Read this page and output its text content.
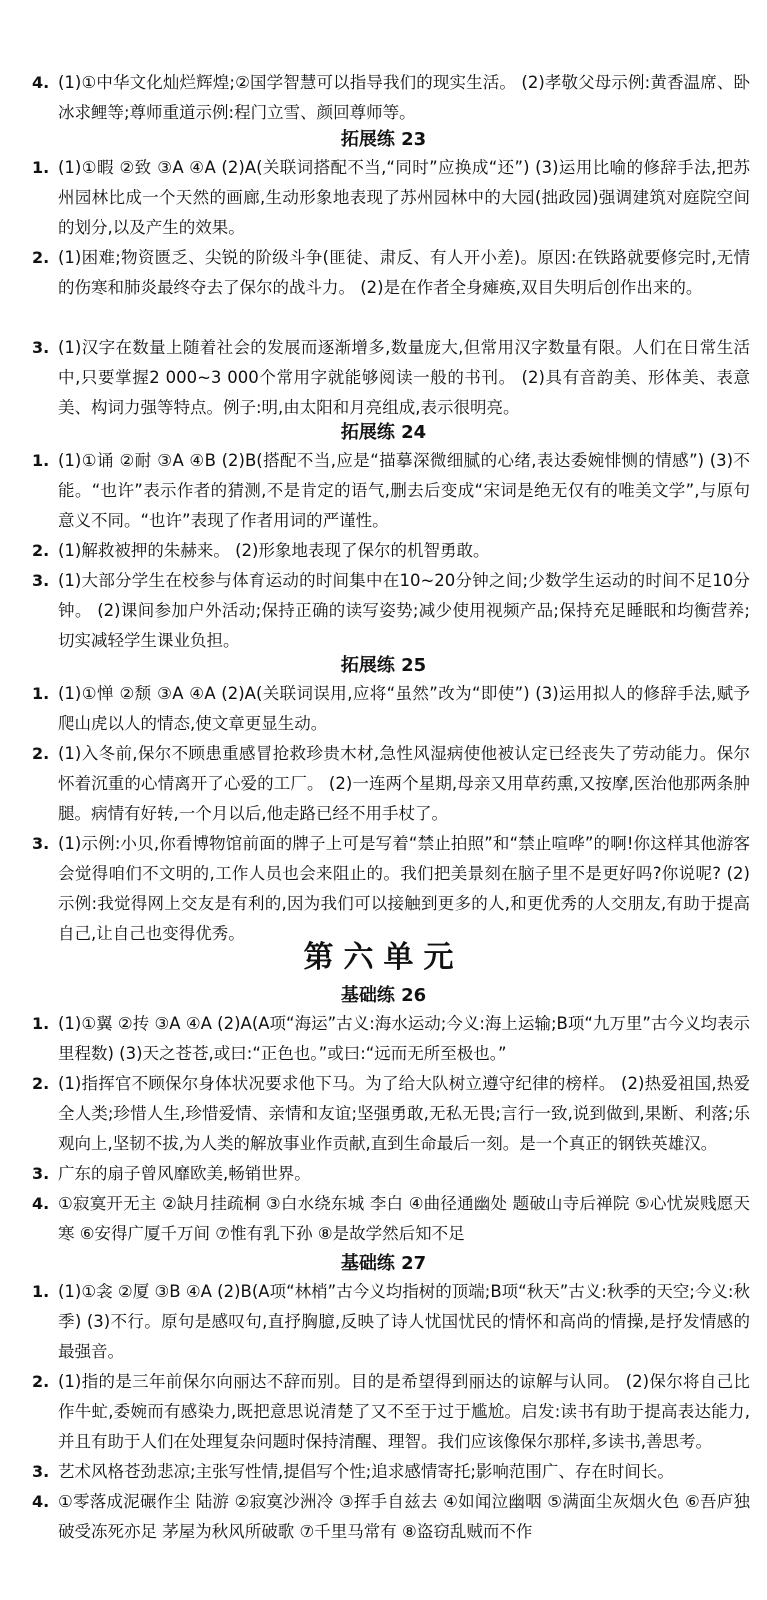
4. (1)①中华文化灿烂辉煌;②国学智慧可以指导我们的现实生活。 (2)孝敬父母示例:黄香温席、卧冰求鲤等;尊师重道示例:程门立雪、颜回尊师等。
拓展练 23
1. (1)①暇 ②致 ③A ④A (2)A(关联词搭配不当,“同时”应换成“还”) (3)运用比喻的修辞手法,把苏州园林比成一个天然的画廊,生动形象地表现了苏州园林中的大园(拙政园)强调建筑对庭院空间的划分,以及产生的效果。
2. (1)困难;物资匮乏、尖锐的阶级斗争(匪徒、肃反、有人开小差)。原因:在铁路就要修完时,无情的伤寒和肺炎最终夺去了保尔的战斗力。 (2)是在作者全身瘫痪,双目失明后创作出来的。
3. (1)汉字在数量上随着社会的发展而逐渐增多,数量庞大,但常用汉字数量有限。人们在日常生活中,只要掌握2 000~3 000个常用字就能够阅读一般的书刊。 (2)具有音韵美、形体美、表意美、构词力强等特点。例子:明,由太阳和月亮组成,表示很明亮。
拓展练 24
1. (1)①诵 ②耐 ③A ④B (2)B(搭配不当,应是“描摹深微细腻的心绪,表达委婉悱恻的情感”) (3)不能。“也许”表示作者的猜测,不是肯定的语气,删去后变成“宋词是绝无仅有的唯美文学”,与原句意义不同。“也许”表现了作者用词的严谨性。
2. (1)解救被押的朱赫来。 (2)形象地表现了保尔的机智勇敢。
3. (1)大部分学生在校参与体育运动的时间集中在10~20分钟之间;少数学生运动的时间不足10分钟。 (2)课间参加户外活动;保持正确的读写姿势;减少使用视频产品;保持充足睡眠和均衡营养;切实减轻学生课业负担。
拓展练 25
1. (1)①惮 ②颓 ③A ④A (2)A(关联词误用,应将“虽然”改为“即使”) (3)运用拟人的修辞手法,赋予爬山虎以人的情态,使文章更显生动。
2. (1)入冬前,保尔不顾患重感冒抢救珍贵木材,急性风湿病使他被认定已经丧失了劳动能力。保尔怀着沉重的心情离开了心爱的工厂。 (2)一连两个星期,母亲又用草药熏,又按摩,医治他那两条肿腿。病情有好转,一个月以后,他走路已经不用手杖了。
3. (1)示例:小贝,你看博物馆前面的牌子上可是写着“禁止拍照”和“禁止喧哗”的啊!你这样其他游客会觉得咱们不文明的,工作人员也会来阻止的。我们把美景刻在脑子里不是更好吗?你说呢? (2)示例:我觉得网上交友是有利的,因为我们可以接触到更多的人,和更优秀的人交朋友,有助于提高自己,让自己也变得优秀。
第六单元
基础练 26
1. (1)①翼 ②抟 ③A ④A (2)A(A项“海运”古义:海水运动;今义:海上运输;B项“九万里”古今义均表示里程数) (3)天之苍苍,或曰:“正色也。”或曰:“远而无所至极也。”
2. (1)指挥官不顾保尔身体状况要求他下马。为了给大队树立遵守纪律的榜样。 (2)热爱祖国,热爱全人类;珍惜人生,珍惜爱情、亲情和友谊;坚强勇敢,无私无畏;言行一致,说到做到,果断、利落;乐观向上,坚韧不拔,为人类的解放事业作贡献,直到生命最后一刻。是一个真正的钢铁英雄汉。
3. 广东的扇子曾风靡欧美,畅销世界。
4. ①寂寞开无主 ②缺月挂疏桐 ③白水绕东城 李白 ④曲径通幽处 题破山寺后禅院 ⑤心忧炭贱愿天寒 ⑥安得广厦千万间 ⑦惟有乳下孙 ⑧是故学然后知不足
基础练 27
1. (1)①衾 ②厦 ③B ④A (2)B(A项“林梢”古今义均指树的顶端;B项“秋天”古义:秋季的天空;今义:秋季) (3)不行。原句是感叹句,直抒胸臆,反映了诗人忧国忧民的情怀和高尚的情操,是抒发情感的最强音。
2. (1)指的是三年前保尔向丽达不辞而别。目的是希望得到丽达的谅解与认同。 (2)保尔将自己比作牛虻,委婉而有感染力,既把意思说清楚了又不至于过于尴尬。启发:读书有助于提高表达能力,并且有助于人们在处理复杂问题时保持清醒、理智。我们应该像保尔那样,多读书,善思考。
3. 艺术风格苍劲悲凉;主张写性情,提倡写个性;追求感情寄托;影响范围广、存在时间长。
4. ①零落成泥碾作尘 陆游 ②寂寞沙洲冷 ③挥手自兹去 ④如闻泣幽咽 ⑤满面尘灰烟火色 ⑥吾庐独破受冻死亦足 茅屋为秋风所破歌 ⑦千里马常有 ⑧盗窃乱贼而不作
